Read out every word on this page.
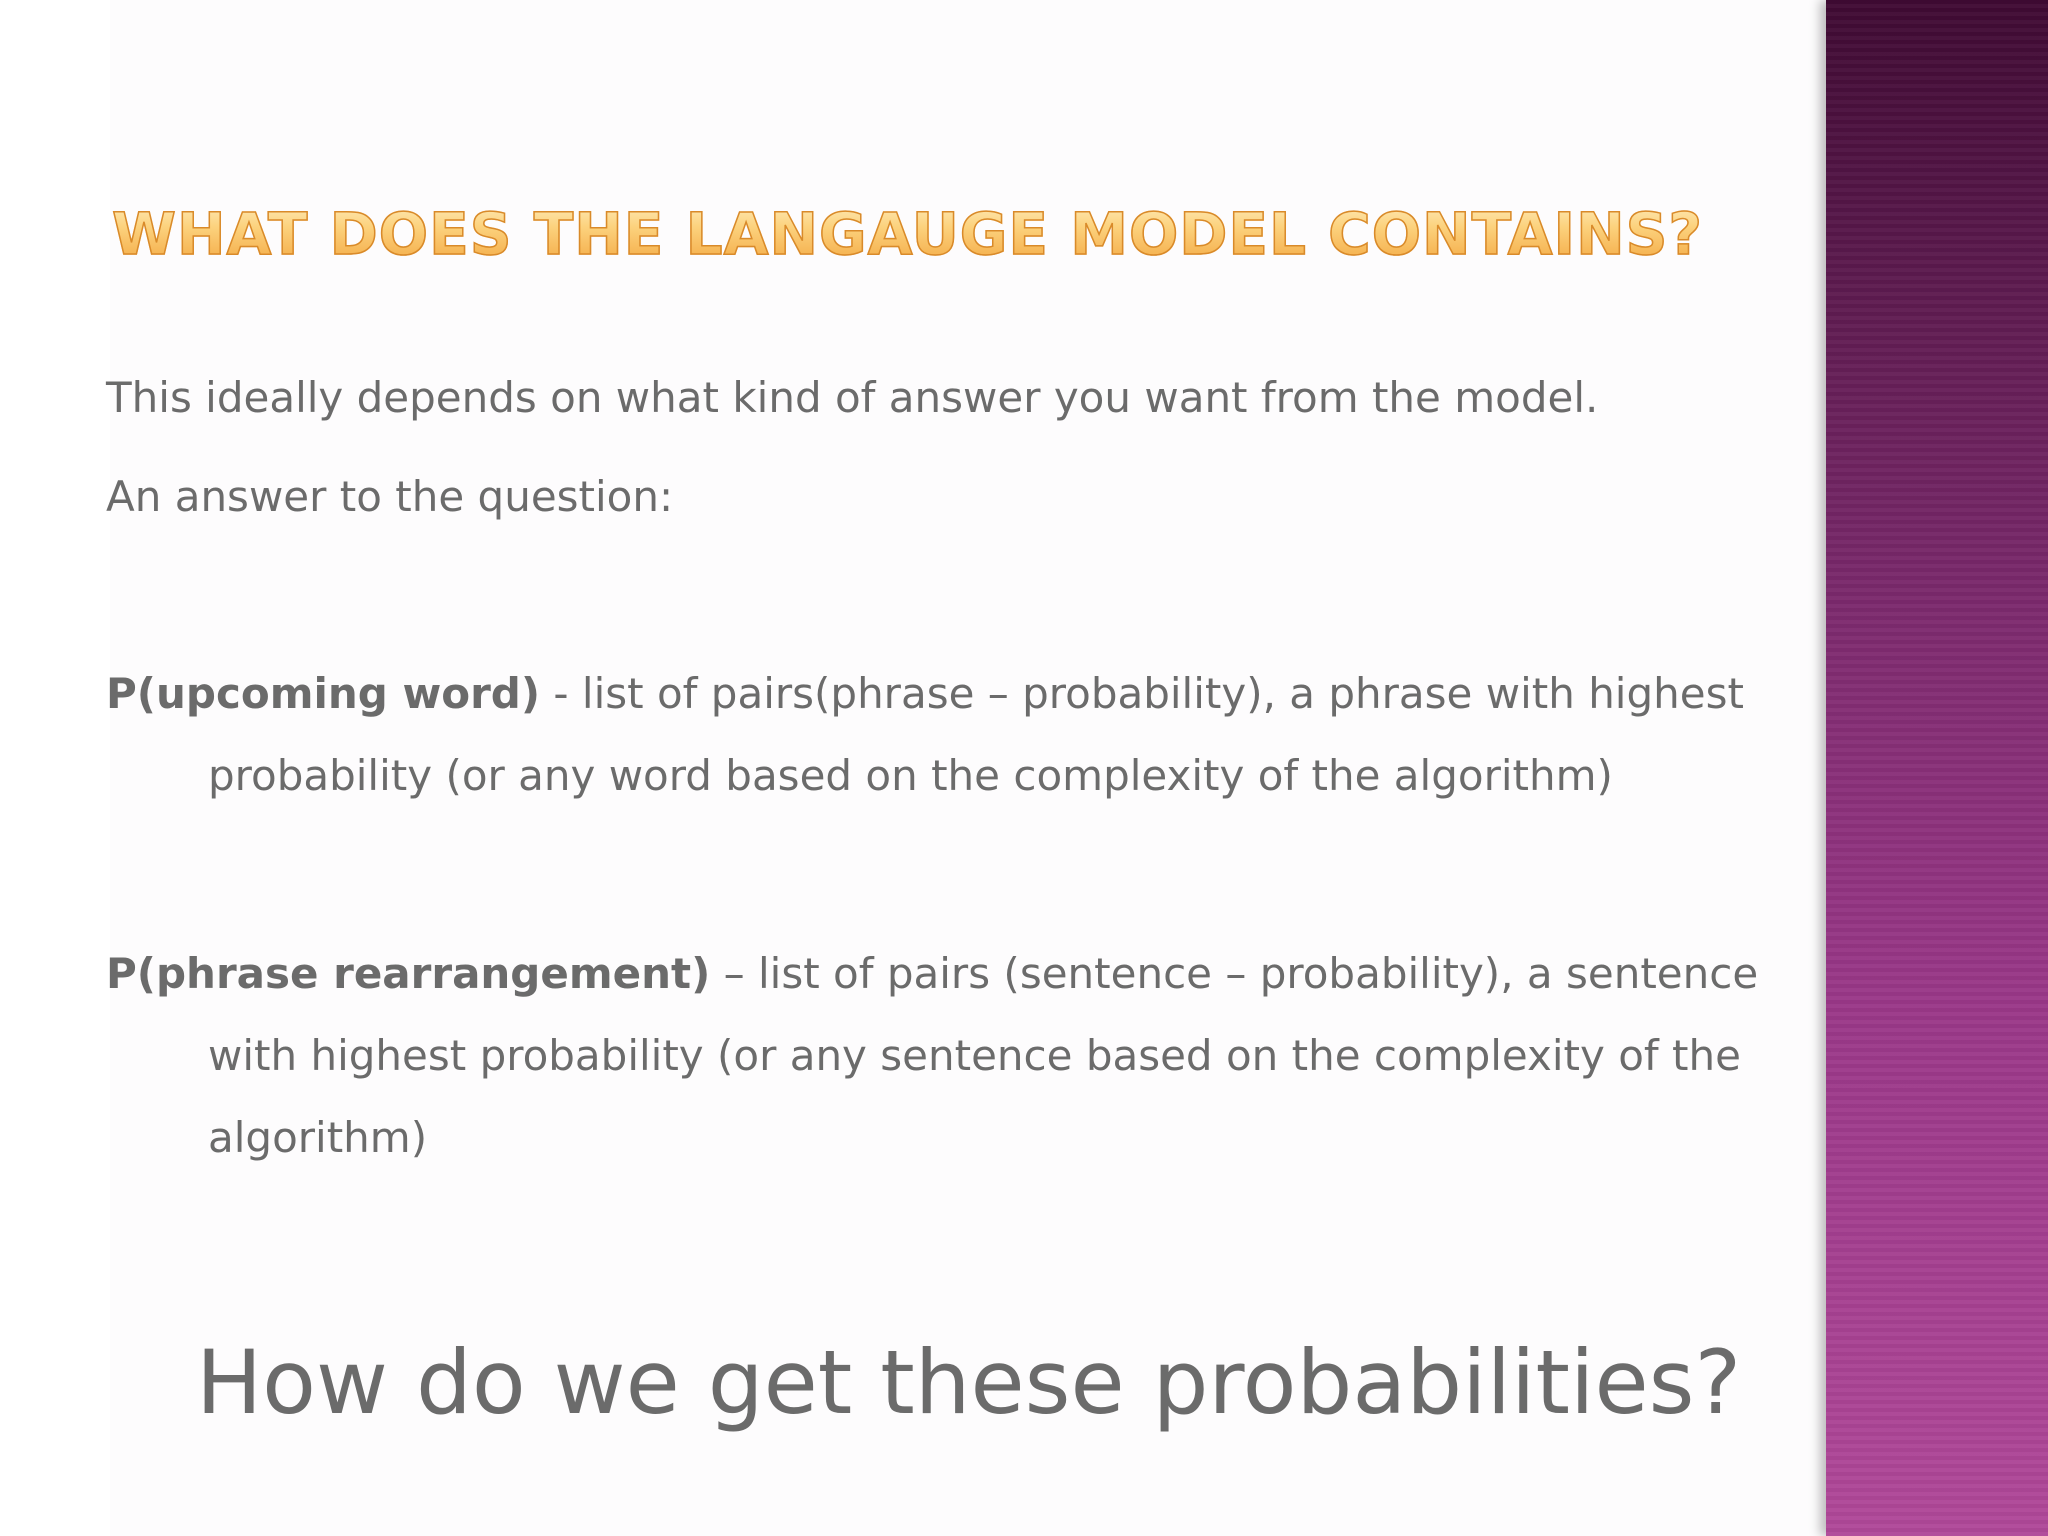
WHAT DOES THE LANGAUGE MODEL CONTAINS?

This ideally depends on what kind of answer you want from the model.

An answer to the question:

P(upcoming word) - list of pairs(phrase – probability), a phrase with highest probability (or any word based on the complexity of the algorithm)

P(phrase rearrangement) – list of pairs (sentence – probability), a sentence with highest probability (or any sentence based on the complexity of the algorithm)

How do we get these probabilities?
